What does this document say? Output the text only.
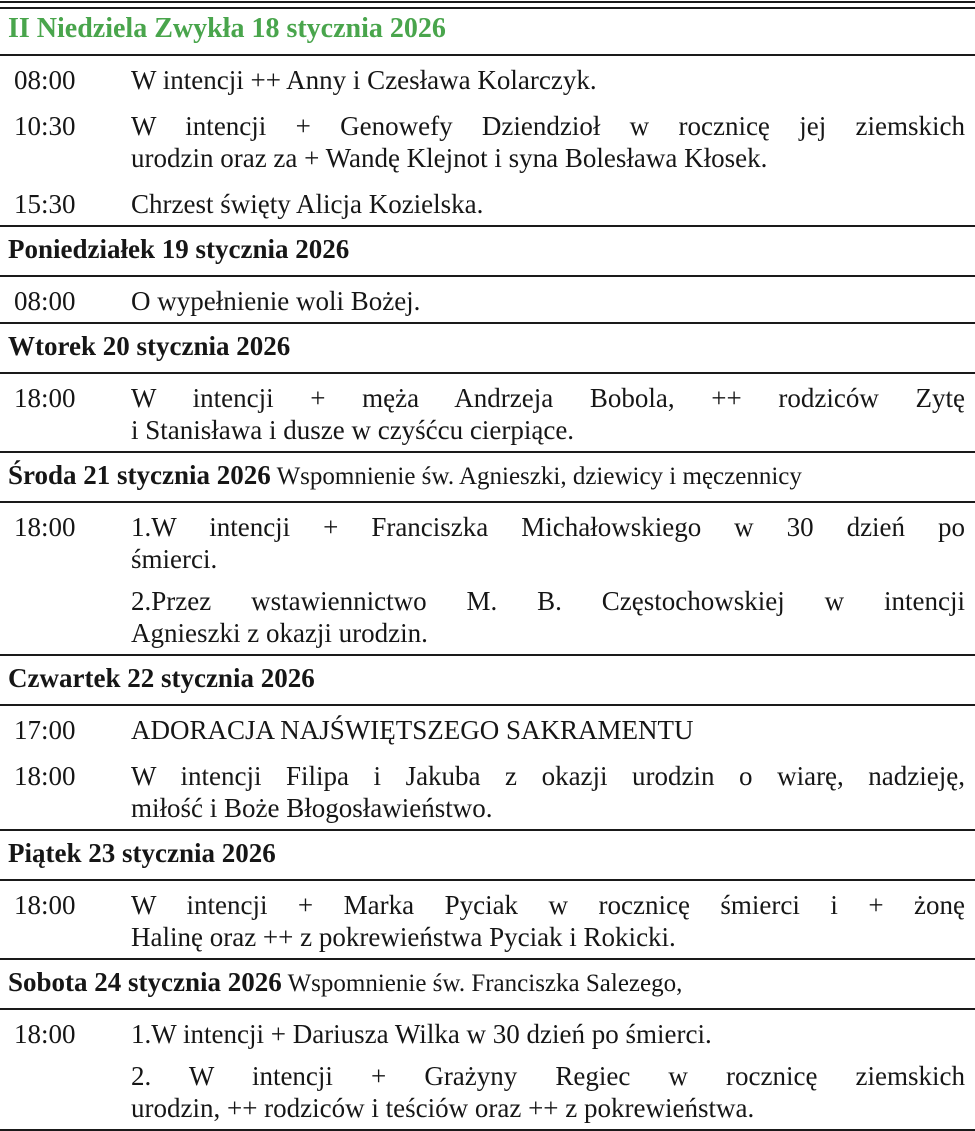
II Niedziela Zwykła 18 stycznia 2026
08:00	W intencji ++ Anny i Czesława Kolarczyk.
10:30	W intencji + Genowefy Dziendzioł w rocznicę jej ziemskich
urodzin oraz za + Wandę Klejnot i syna Bolesława Kłosek.
15:30	Chrzest święty Alicja Kozielska.
Poniedziałek 19 stycznia 2026
08:00	O wypełnienie woli Bożej.
Wtorek 20 stycznia 2026
18:00	W intencji + męża Andrzeja Bobola, ++ rodziców Zytę
i Stanisława i dusze w czyśćcu cierpiące.
Środa 21 stycznia 2026 Wspomnienie św. Agnieszki, dziewicy i męczennicy
18:00	1.W intencji + Franciszka Michałowskiego w 30 dzień po
śmierci.
2.Przez wstawiennictwo M. B. Częstochowskiej w intencji
Agnieszki z okazji urodzin.
Czwartek 22 stycznia 2026
17:00	ADORACJA NAJŚWIĘTSZEGO SAKRAMENTU
18:00	W intencji Filipa i Jakuba z okazji urodzin o wiarę, nadzieję,
miłość i Boże Błogosławieństwo.
Piątek 23 stycznia 2026
18:00	W intencji + Marka Pyciak w rocznicę śmierci i + żonę
Halinę oraz ++ z pokrewieństwa Pyciak i Rokicki.
Sobota 24 stycznia 2026 Wspomnienie św. Franciszka Salezego,
18:00	1.W intencji + Dariusza Wilka w 30 dzień po śmierci.
2. W intencji + Grażyny Regiec w rocznicę ziemskich
urodzin, ++ rodziców i teściów oraz ++ z pokrewieństwa.
